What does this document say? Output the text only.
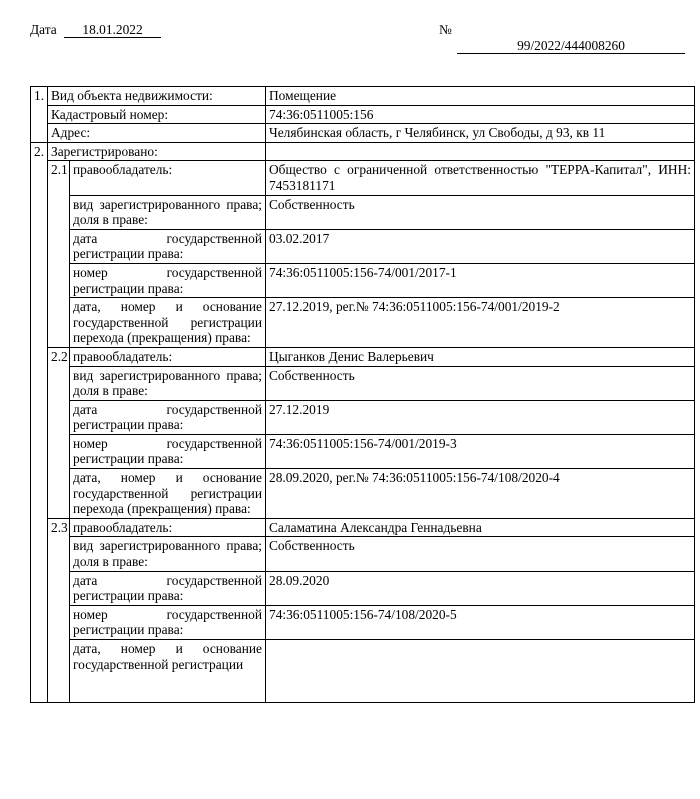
Дата 18.01.2022	№ 99/2022/444008260
1.	Вид объекта недвижимости:		Помещение
	Кадастровый номер:		74:36:0511005:156
	Адрес:		Челябинская область, г Челябинск, ул Свободы, д 93, кв 11
2.	Зарегистрировано:		
	2.1	правообладатель:	Общество с ограниченной ответственностью "ТЕРРА-Капитал", ИНН: 7453181171
		вид зарегистрированного права; доля в праве:	Собственность
		дата государственной регистрации права:	03.02.2017
		номер государственной регистрации права:	74:36:0511005:156-74/001/2017-1
		дата, номер и основание государственной регистрации перехода (прекращения) права:	27.12.2019, рег.№ 74:36:0511005:156-74/001/2019-2
	2.2	правообладатель:	Цыганков Денис Валерьевич
		вид зарегистрированного права; доля в праве:	Собственность
		дата государственной регистрации права:	27.12.2019
		номер государственной регистрации права:	74:36:0511005:156-74/001/2019-3
		дата, номер и основание государственной регистрации перехода (прекращения) права:	28.09.2020, рег.№ 74:36:0511005:156-74/108/2020-4
	2.3	правообладатель:	Саламатина Александра Геннадьевна
		вид зарегистрированного права; доля в праве:	Собственность
		дата государственной регистрации права:	28.09.2020
		номер государственной регистрации права:	74:36:0511005:156-74/108/2020-5
		дата, номер и основание государственной регистрации	
